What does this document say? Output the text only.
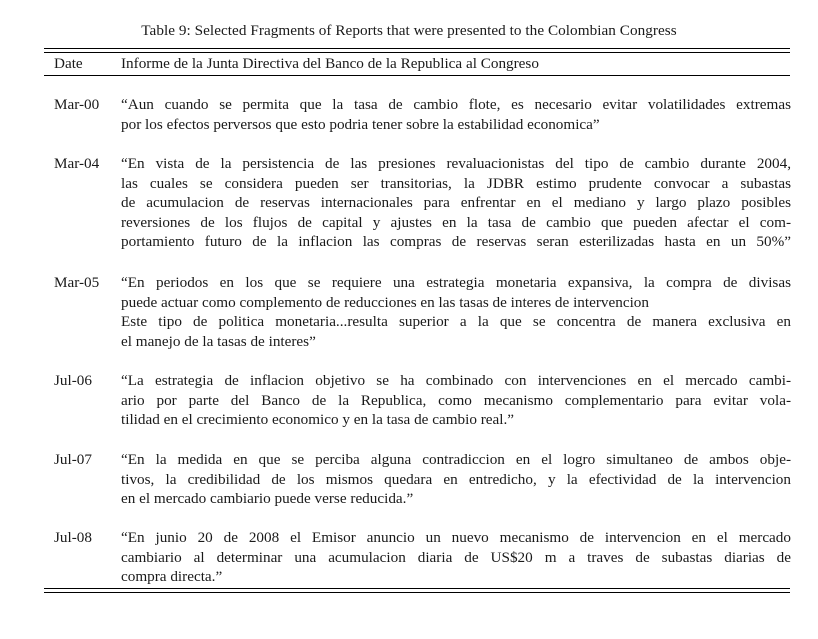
Table 9: Selected Fragments of Reports that were presented to the Colombian Congress
Date	Informe de la Junta Directiva del Banco de la Republica al Congreso
Mar-00 “Aun cuando se permita que la tasa de cambio flote, es necesario evitar volatilidades extremas
por los efectos perversos que esto podria tener sobre la estabilidad economica”
Mar-04 “En vista de la persistencia de las presiones revaluacionistas del tipo de cambio durante 2004,
las cuales se considera pueden ser transitorias, la JDBR estimo prudente convocar a subastas
de acumulacion de reservas internacionales para enfrentar en el mediano y largo plazo posibles
reversiones de los flujos de capital y ajustes en la tasa de cambio que pueden afectar el com-
portamiento futuro de la inflacion las compras de reservas seran esterilizadas hasta en un 50%”
Mar-05 “En periodos en los que se requiere una estrategia monetaria expansiva, la compra de divisas
puede actuar como complemento de reducciones en las tasas de interes de intervencion
Este tipo de politica monetaria...resulta superior a la que se concentra de manera exclusiva en
el manejo de la tasas de interes”
Jul-06 “La estrategia de inflacion objetivo se ha combinado con intervenciones en el mercado cambi-
ario por parte del Banco de la Republica, como mecanismo complementario para evitar vola-
tilidad en el crecimiento economico y en la tasa de cambio real.”
Jul-07 “En la medida en que se perciba alguna contradiccion en el logro simultaneo de ambos obje-
tivos, la credibilidad de los mismos quedara en entredicho, y la efectividad de la intervencion
en el mercado cambiario puede verse reducida.”
Jul-08 “En junio 20 de 2008 el Emisor anuncio un nuevo mecanismo de intervencion en el mercado
cambiario al determinar una acumulacion diaria de US$20 m a traves de subastas diarias de
compra directa.”
